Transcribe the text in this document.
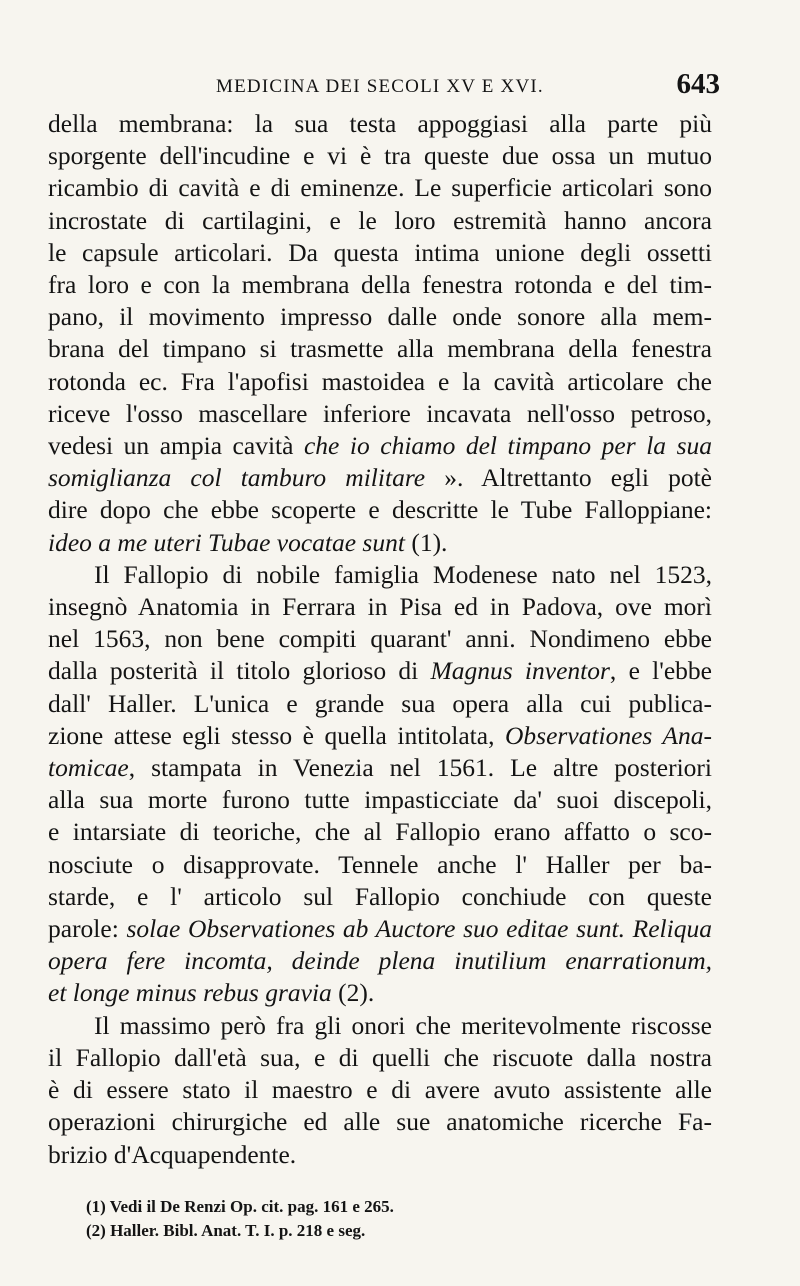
MEDICINA DEI SECOLI XV E XVI.	643
della membrana: la sua testa appoggiasi alla parte più
sporgente dell'incudine e vi è tra queste due ossa un mutuo
ricambio di cavità e di eminenze. Le superficie articolari sono
incrostate di cartilagini, e le loro estremità hanno ancora
le capsule articolari. Da questa intima unione degli ossetti
fra loro e con la membrana della fenestra rotonda e del tim-
pano, il movimento impresso dalle onde sonore alla mem-
brana del timpano si trasmette alla membrana della fenestra
rotonda ec. Fra l'apofisi mastoidea e la cavità articolare che
riceve l'osso mascellare inferiore incavata nell'osso petroso,
vedesi un ampia cavità che io chiamo del timpano per la sua
somiglianza col tamburo militare ». Altrettanto egli potè
dire dopo che ebbe scoperte e descritte le Tube Falloppiane:
ideo a me uteri Tubae vocatae sunt (1).
Il Fallopio di nobile famiglia Modenese nato nel 1523,
insegnò Anatomia in Ferrara in Pisa ed in Padova, ove morì
nel 1563, non bene compiti quarant' anni. Nondimeno ebbe
dalla posterità il titolo glorioso di Magnus inventor, e l'ebbe
dall' Haller. L'unica e grande sua opera alla cui publica-
zione attese egli stesso è quella intitolata, Observationes Ana-
tomicae, stampata in Venezia nel 1561. Le altre posteriori
alla sua morte furono tutte impasticciate da' suoi discepoli,
e intarsiate di teoriche, che al Fallopio erano affatto o sco-
nosciute o disapprovate. Tennele anche l' Haller per ba-
starde, e l' articolo sul Fallopio conchiude con queste
parole: solae Observationes ab Auctore suo editae sunt. Reliqua
opera fere incomta, deinde plena inutilium enarrationum,
et longe minus rebus gravia (2).
Il massimo però fra gli onori che meritevolmente riscosse
il Fallopio dall'età sua, e di quelli che riscuote dalla nostra
è di essere stato il maestro e di avere avuto assistente alle
operazioni chirurgiche ed alle sue anatomiche ricerche Fa-
brizio d'Acquapendente.
(1) Vedi il De Renzi Op. cit. pag. 161 e 265.
(2) Haller. Bibl. Anat. T. I. p. 218 e seg.
